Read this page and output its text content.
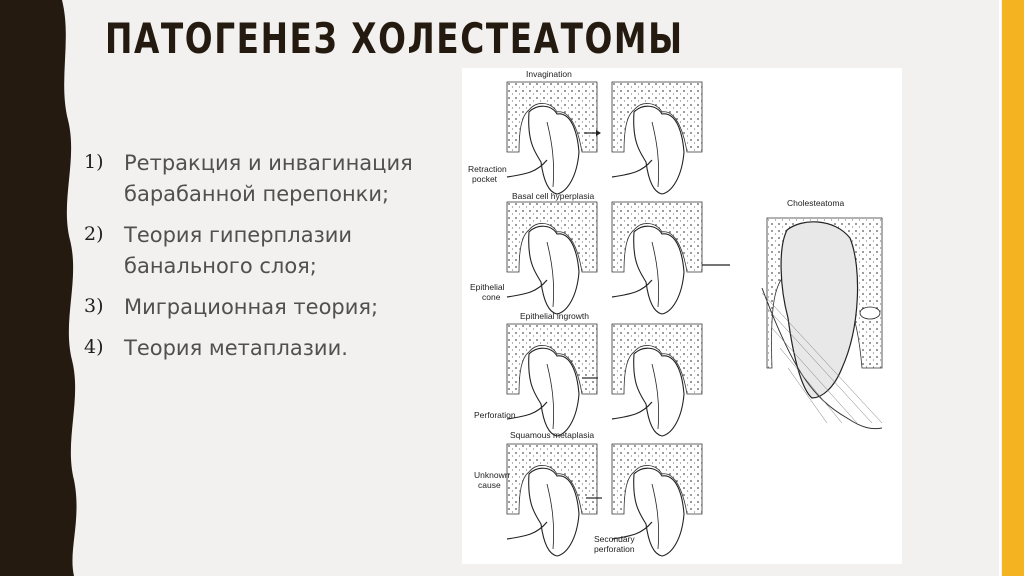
ПАТОГЕНЕЗ ХОЛЕСТЕАТОМЫ
1) Ретракция и инвагинация барабанной перепонки;
2) Теория гиперплазии банального слоя;
3) Миграционная теория;
4) Теория метаплазии.
Invagination
Retraction
pocket
Basal cell hyperplasia
Epithelial
cone
Epithelial ingrowth
Perforation
Squamous metaplasia
Unknown
cause
Secondary
perforation
Cholesteatoma
